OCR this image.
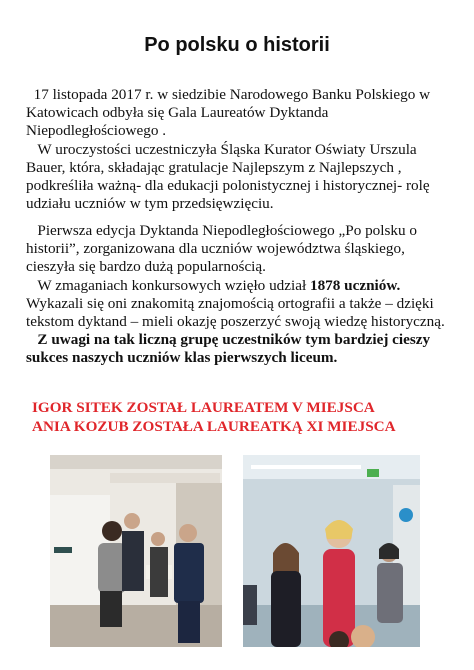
Po polsku o historii

17 listopada 2017 r. w siedzibie Narodowego Banku Polskiego w Katowicach odbyła się Gala Laureatów Dyktanda Niepodległościowego .

W uroczystości uczestniczyła Śląska Kurator Oświaty Urszula Bauer, która, składając gratulacje Najlepszym z Najlepszych , podkreśliła ważną- dla edukacji polonistycznej i historycznej- rolę udziału uczniów w tym przedsięwzięciu.

Pierwsza edycja Dyktanda Niepodległościowego „Po polsku o historii”, zorganizowana dla uczniów województwa śląskiego, cieszyła się bardzo dużą popularnością.

W zmaganiach konkursowych wzięło udział 1878 uczniów. Wykazali się oni znakomitą znajomością ortografii a także – dzięki tekstom dyktand – mieli okazję poszerzyć swoją wiedzę historyczną.

Z uwagi na tak liczną grupę uczestników tym bardziej cieszy sukces naszych uczniów klas pierwszych liceum.

IGOR SITEK ZOSTAŁ LAUREATEM V MIEJSCA
ANIA KOZUB ZOSTAŁA LAUREATKĄ XI MIEJSCA
